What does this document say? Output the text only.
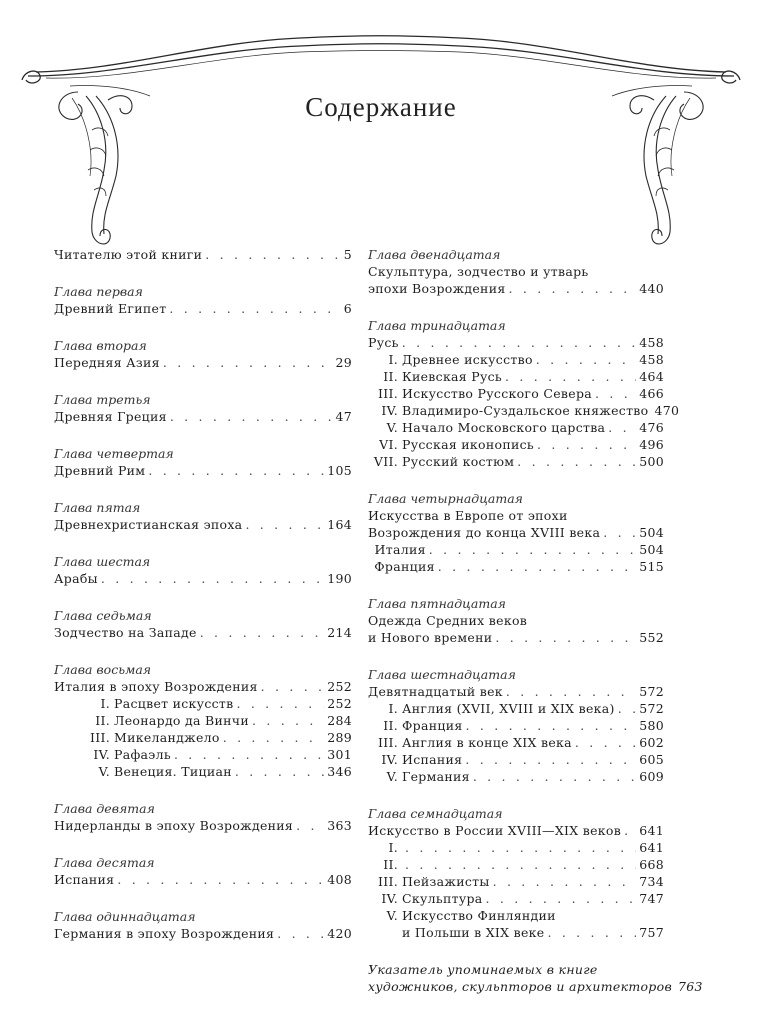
Содержание
Читателю этой книги . . .	5
Глава первая
Древний Египет . . .	6
Глава вторая
Передняя Азия . . .	29
Глава третья
Древняя Греция . . .	47
Глава четвертая
Древний Рим . . .	105
Глава пятая
Древнехристианская эпоха . . .	164
Глава шестая
Арабы . . .	190
Глава седьмая
Зодчество на Западе . . .	214
Глава восьмая
Италия в эпоху Возрождения . . .	252
I. Расцвет искусств . . .	252
II. Леонардо да Винчи . . .	284
III. Микеланджело . . .	289
IV. Рафаэль . . .	301
V. Венеция. Тициан . . .	346
Глава девятая
Нидерланды в эпоху Возрождения . . .	363
Глава десятая
Испания . . .	408
Глава одиннадцатая
Германия в эпоху Возрождения . . .	420
Глава двенадцатая
Скульптура, зодчество и утварь
эпохи Возрождения . . .	440
Глава тринадцатая
Русь . . .	458
I. Древнее искусство . . .	458
II. Киевская Русь . . .	464
III. Искусство Русского Севера . . .	466
IV. Владимиро-Суздальское княжество 470
V. Начало Московского царства . . .	476
VI. Русская иконопись . . .	496
VII. Русский костюм . . .	500
Глава четырнадцатая
Искусства в Европе от эпохи
Возрождения до конца XVIII века . . .	504
Италия . . .	504
Франция . . .	515
Глава пятнадцатая
Одежда Средних веков
и Нового времени . . .	552
Глава шестнадцатая
Девятнадцатый век . . .	572
I. Англия (XVII, XVIII и XIX века) . . . 572
II. Франция . . .	580
III. Англия в конце XIX века . . .	602
IV. Испания . . .	605
V. Германия . . .	609
Глава семнадцатая
Искусство в России XVIII—XIX веков . . . 641
I. . . .	641
II. . . .	668
III. Пейзажисты . . .	734
IV. Скульптура . . .	747
V. Искусство Финляндии
и Польши в XIX веке . . .	757
Указатель упоминаемых в книге
художников, скульпторов и архитекторов 763
